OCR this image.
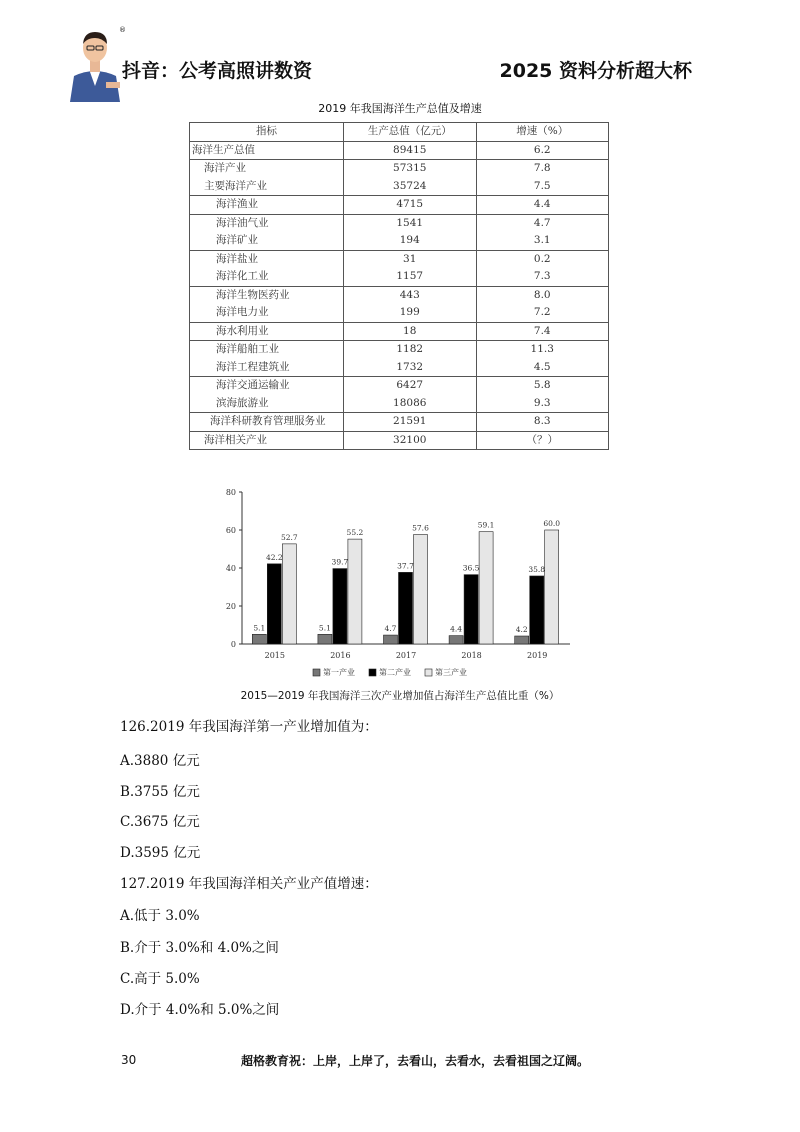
®
抖音：公考高照讲数资	2025 资料分析超大杯
2019 年我国海洋生产总值及增速
指标	生产总值（亿元）	增速（%）
海洋生产总值	89415	6.2
海洋产业	57315	7.8
主要海洋产业	35724	7.5
海洋渔业	4715	4.4
海洋油气业	1541	4.7
海洋矿业	194	3.1
海洋盐业	31	0.2
海洋化工业	1157	7.3
海洋生物医药业	443	8.0
海洋电力业	199	7.2
海水利用业	18	7.4
海洋船舶工业	1182	11.3
海洋工程建筑业	1732	4.5
海洋交通运输业	6427	5.8
滨海旅游业	18086	9.3
海洋科研教育管理服务业	21591	8.3
海洋相关产业	32100	（？）
0
20
40
60
80
5.1
42.2
52.7
2015
5.1
39.7
55.2
2016
4.7
37.7
57.6
2017
4.4
36.5
59.1
2018
4.2
35.8
60.0
2019
第一产业	第二产业	第三产业
2015—2019 年我国海洋三次产业增加值占海洋生产总值比重（%）
126.2019 年我国海洋第一产业增加值为：
A.3880 亿元
B.3755 亿元
C.3675 亿元
D.3595 亿元
127.2019 年我国海洋相关产业产值增速：
A.低于 3.0%
B.介于 3.0%和 4.0%之间
C.高于 5.0%
D.介于 4.0%和 5.0%之间
30	超格教育祝：上岸，上岸了，去看山，去看水，去看祖国之辽阔。
